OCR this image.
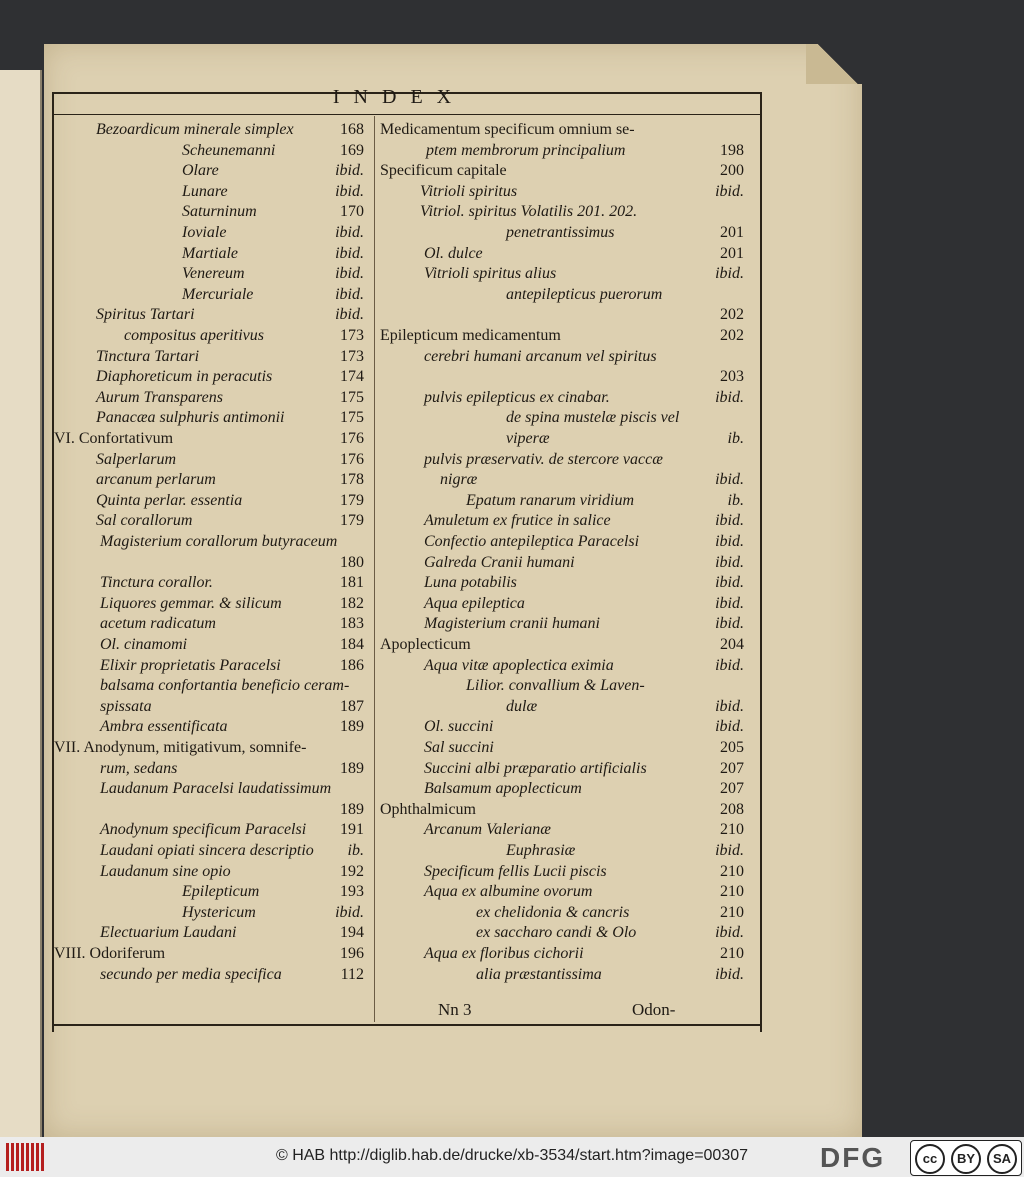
INDEX
Bezoardicum minerale simplex	168
Scheunemanni	169
Olare	ibid.
Lunare	ibid.
Saturninum	170
Ioviale	ibid.
Martiale	ibid.
Venereum	ibid.
Mercuriale	ibid.
Spiritus Tartari	ibid.
compositus aperitivus	173
Tinctura Tartari	173
Diaphoreticum in peracutis	174
Aurum Transparens	175
Panacæa sulphuris antimonii	175
VI. Confortativum	176
Salperlarum	176
arcanum perlarum	178
Quinta perlar. essentia	179
Sal corallorum	179
Magisterium corallorum butyraceum
180
Tinctura corallor.	181
Liquores gemmar. & silicum	182
acetum radicatum	183
Ol. cinamomi	184
Elixir proprietatis Paracelsi	186
balsama confortantia beneficio ceram-
spissata	187
Ambra essentificata	189
VII. Anodynum, mitigativum, somnife-
rum, sedans	189
Laudanum Paracelsi laudatissimum
189
Anodynum specificum Paracelsi	191
Laudani opiati sincera descriptio	ib.
Laudanum sine opio	192
Epilepticum	193
Hystericum	ibid.
Electuarium Laudani	194
VIII. Odoriferum	196
secundo per media specifica	112
Medicamentum specificum omnium se-
ptem membrorum principalium	198
Specificum capitale	200
Vitrioli spiritus	ibid.
Vitriol. spiritus Volatilis 201. 202.
penetrantissimus	201
Ol. dulce	201
Vitrioli spiritus alius	ibid.
antepilepticus puerorum
202
Epilepticum medicamentum	202
cerebri humani arcanum vel spiritus
203
pulvis epilepticus ex cinabar.	ibid.
de spina mustelæ piscis vel
viperæ	ib.
pulvis præservativ. de stercore vaccæ
nigræ	ibid.
Epatum ranarum viridium	ib.
Amuletum ex frutice in salice	ibid.
Confectio antepileptica Paracelsi	ibid.
Galreda Cranii humani	ibid.
Luna potabilis	ibid.
Aqua epileptica	ibid.
Magisterium cranii humani	ibid.
Apoplecticum	204
Aqua vitæ apoplectica eximia	ibid.
Lilior. convallium & Laven-
dulæ	ibid.
Ol. succini	ibid.
Sal succini	205
Succini albi præparatio artificialis	207
Balsamum apoplecticum	207
Ophthalmicum	208
Arcanum Valerianæ	210
Euphrasiæ	ibid.
Specificum fellis Lucii piscis	210
Aqua ex albumine ovorum	210
ex chelidonia & cancris	210
ex saccharo candi & Olo	ibid.
Aqua ex floribus cichorii	210
alia præstantissima	ibid.
Nn 3	Odon-
© HAB http://diglib.hab.de/drucke/xb-3534/start.htm?image=00307	DFG	cc	BY	SA
